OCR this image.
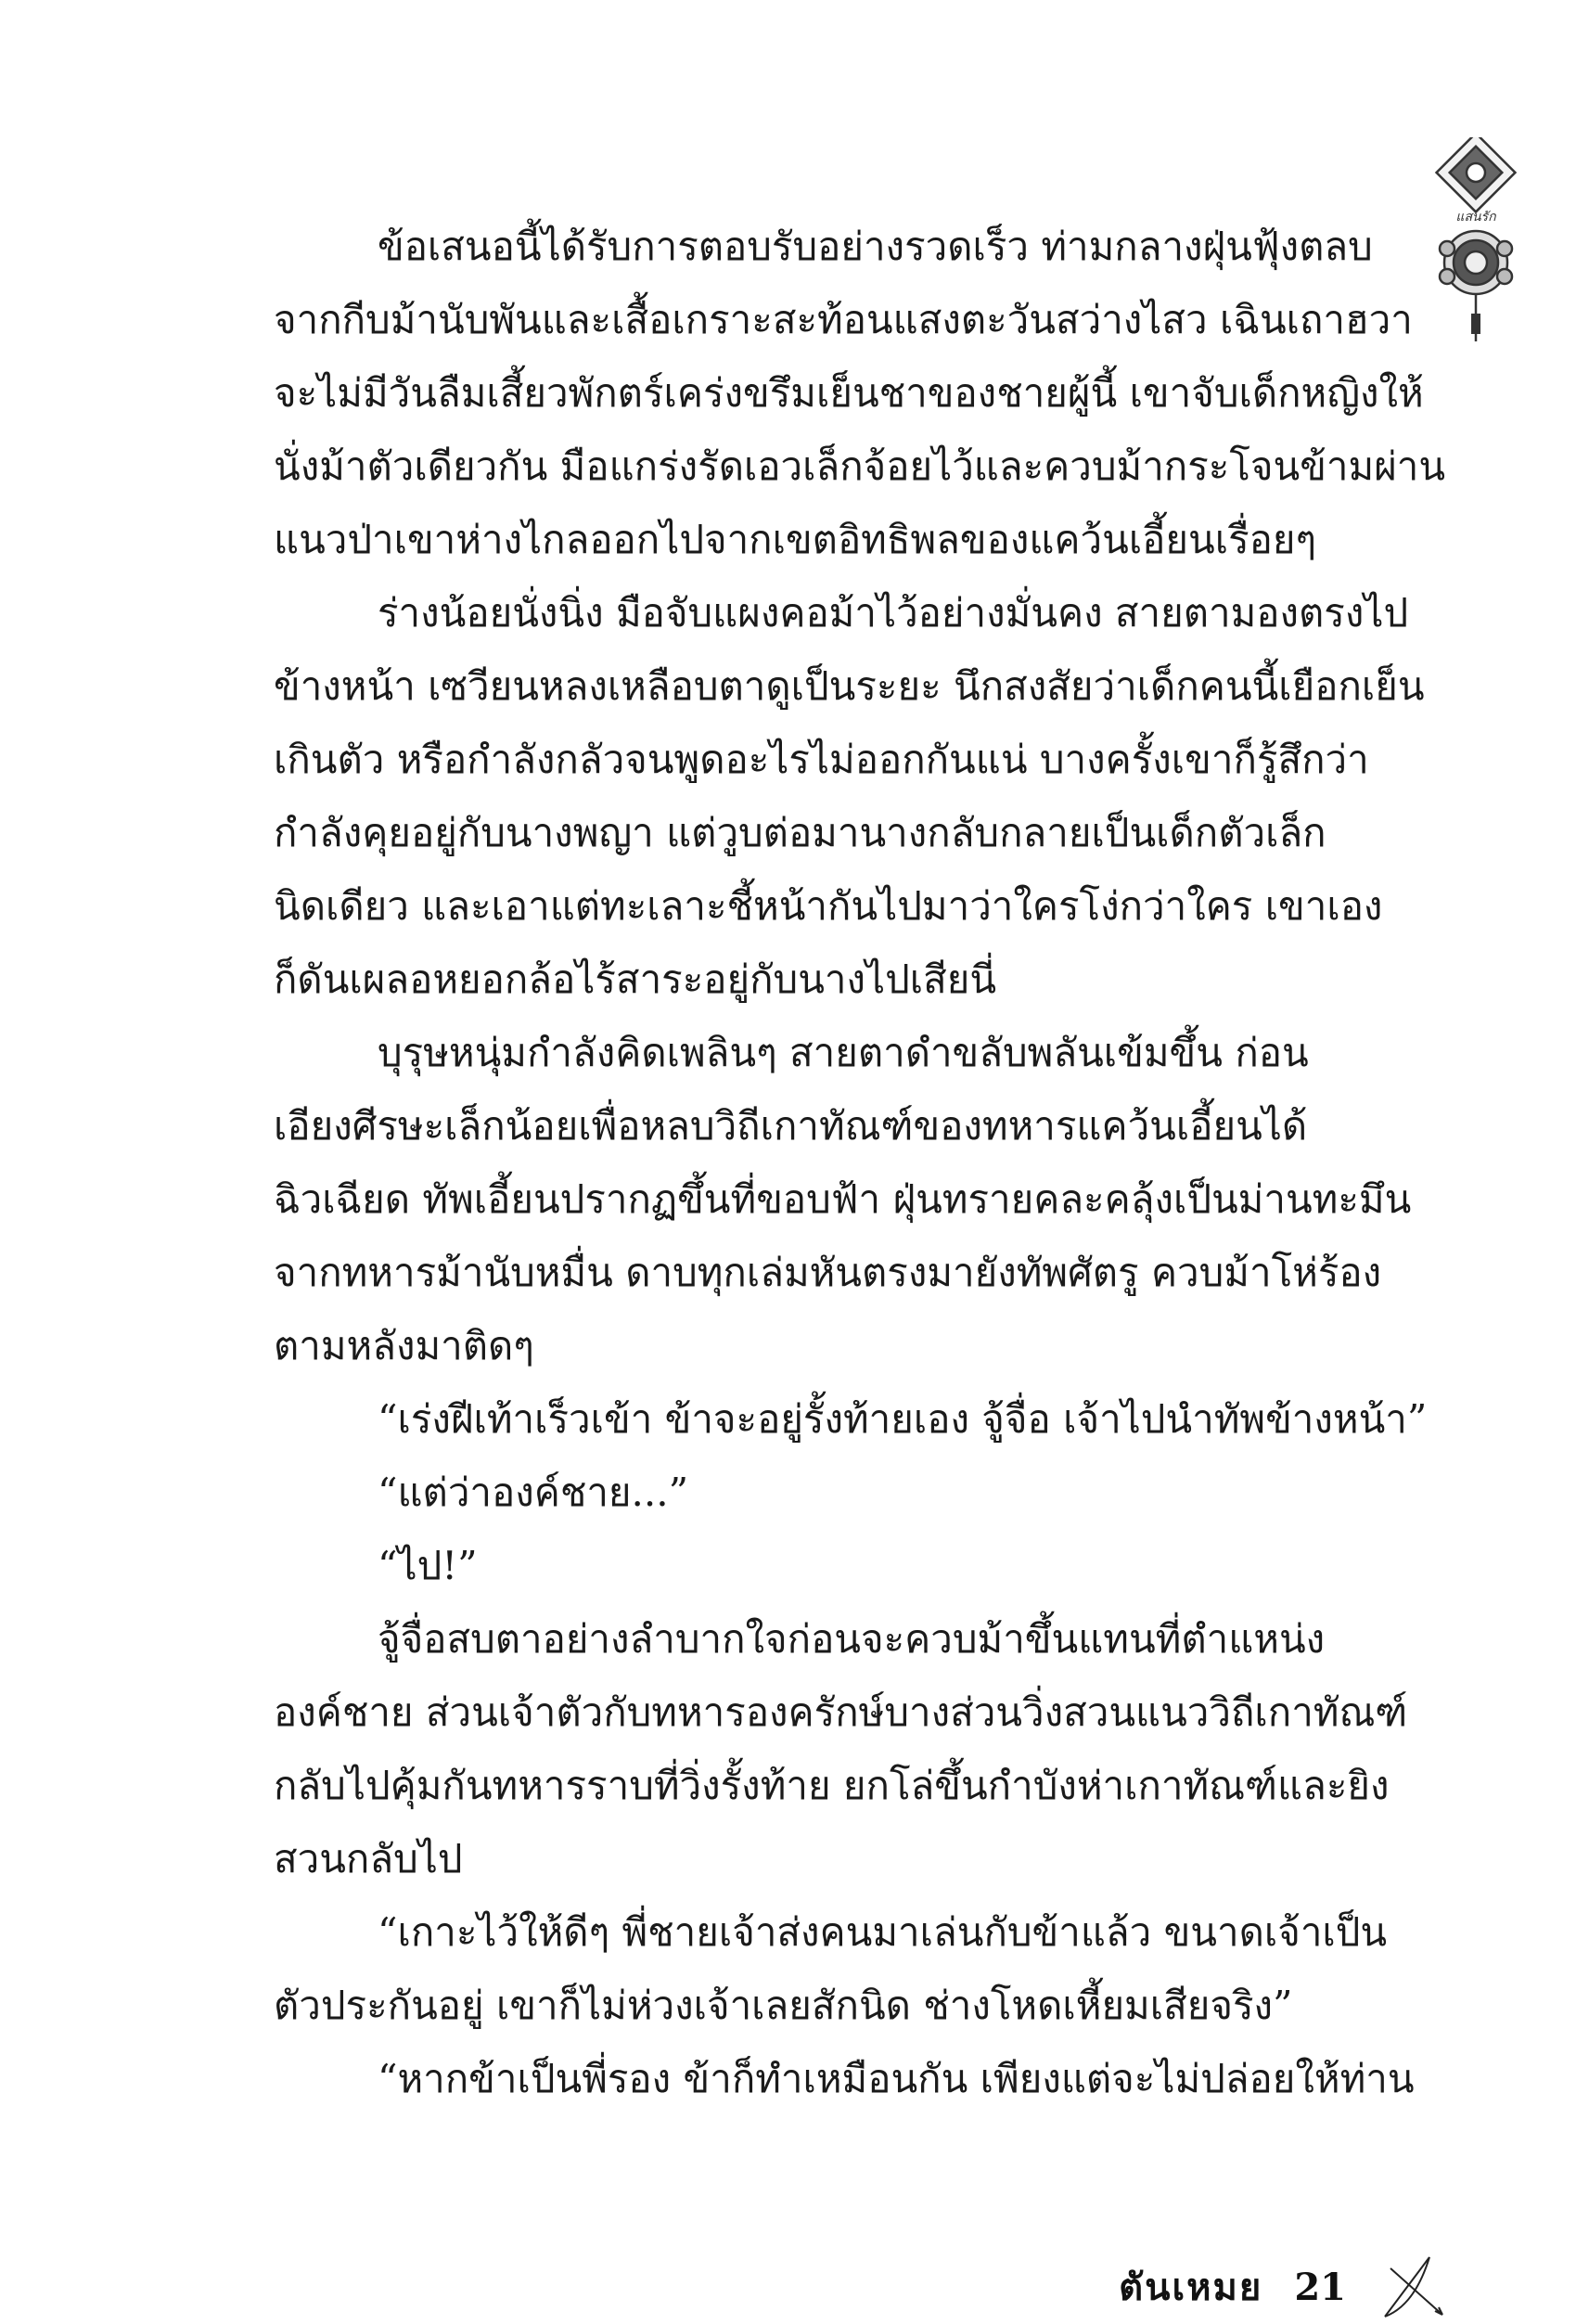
แสนรัก

ข้อเสนอนี้ได้รับการตอบรับอย่างรวดเร็ว ท่ามกลางฝุ่นฟุ้งตลบ
จากกีบม้านับพันและเสื้อเกราะสะท้อนแสงตะวันสว่างไสว เฉินเถาฮวา
จะไม่มีวันลืมเสี้ยวพักตร์เคร่งขรึมเย็นชาของชายผู้นี้ เขาจับเด็กหญิงให้
นั่งม้าตัวเดียวกัน มือแกร่งรัดเอวเล็กจ้อยไว้และควบม้ากระโจนข้ามผ่าน
แนวป่าเขาห่างไกลออกไปจากเขตอิทธิพลของแคว้นเอี้ยนเรื่อยๆ

ร่างน้อยนั่งนิ่ง มือจับแผงคอม้าไว้อย่างมั่นคง สายตามองตรงไป
ข้างหน้า เซวียนหลงเหลือบตาดูเป็นระยะ นึกสงสัยว่าเด็กคนนี้เยือกเย็น
เกินตัว หรือกำลังกลัวจนพูดอะไรไม่ออกกันแน่ บางครั้งเขาก็รู้สึกว่า
กำลังคุยอยู่กับนางพญา แต่วูบต่อมานางกลับกลายเป็นเด็กตัวเล็ก
นิดเดียว และเอาแต่ทะเลาะชี้หน้ากันไปมาว่าใครโง่กว่าใคร เขาเอง
ก็ดันเผลอหยอกล้อไร้สาระอยู่กับนางไปเสียนี่

บุรุษหนุ่มกำลังคิดเพลินๆ สายตาดำขลับพลันเข้มขึ้น ก่อน
เอียงศีรษะเล็กน้อยเพื่อหลบวิถีเกาทัณฑ์ของทหารแคว้นเอี้ยนได้
ฉิวเฉียด ทัพเอี้ยนปรากฏขึ้นที่ขอบฟ้า ฝุ่นทรายคละคลุ้งเป็นม่านทะมึน
จากทหารม้านับหมื่น ดาบทุกเล่มหันตรงมายังทัพศัตรู ควบม้าโห่ร้อง
ตามหลังมาติดๆ

“เร่งฝีเท้าเร็วเข้า ข้าจะอยู่รั้งท้ายเอง จู้จื่อ เจ้าไปนำทัพข้างหน้า”

“แต่ว่าองค์ชาย...”

“ไป!”

จู้จื่อสบตาอย่างลำบากใจก่อนจะควบม้าขึ้นแทนที่ตำแหน่ง
องค์ชาย ส่วนเจ้าตัวกับทหารองครักษ์บางส่วนวิ่งสวนแนววิถีเกาทัณฑ์
กลับไปคุ้มกันทหารราบที่วิ่งรั้งท้าย ยกโล่ขึ้นกำบังห่าเกาทัณฑ์และยิง
สวนกลับไป

“เกาะไว้ให้ดีๆ พี่ชายเจ้าส่งคนมาเล่นกับข้าแล้ว ขนาดเจ้าเป็น
ตัวประกันอยู่ เขาก็ไม่ห่วงเจ้าเลยสักนิด ช่างโหดเหี้ยมเสียจริง”

“หากข้าเป็นพี่รอง ข้าก็ทำเหมือนกัน เพียงแต่จะไม่ปล่อยให้ท่าน

ตันเหมย 21
